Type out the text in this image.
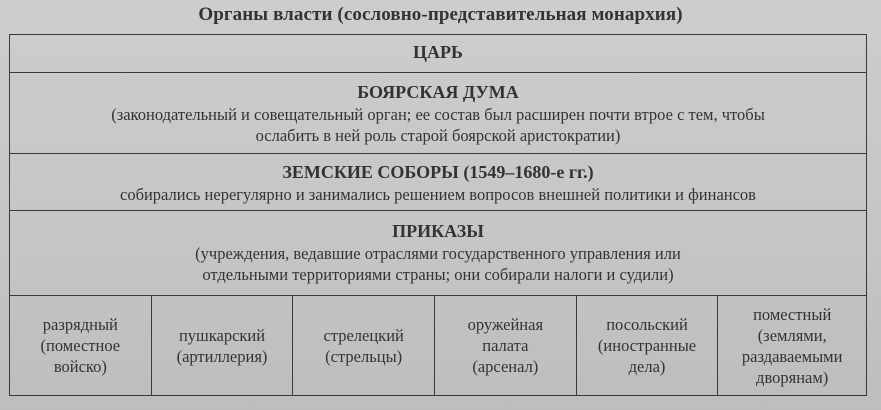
Органы власти (сословно-представительная монархия)
ЦАРЬ
БОЯРСКАЯ ДУМА
(законодательный и совещательный орган; ее состав был расширен почти втрое с тем, чтобы ослабить в ней роль старой боярской аристократии)
ЗЕМСКИЕ СОБОРЫ (1549–1680-е гг.)
собирались нерегулярно и занимались решением вопросов внешней политики и финансов
ПРИКАЗЫ
(учреждения, ведавшие отраслями государственного управления или отдельными территориями страны; они собирали налоги и судили)
разрядный
(поместное
войско)
пушкарский
(артиллерия)
стрелецкий
(стрельцы)
оружейная
палата
(арсенал)
посольский
(иностранные
дела)
поместный
(землями,
раздаваемыми
дворянам)
